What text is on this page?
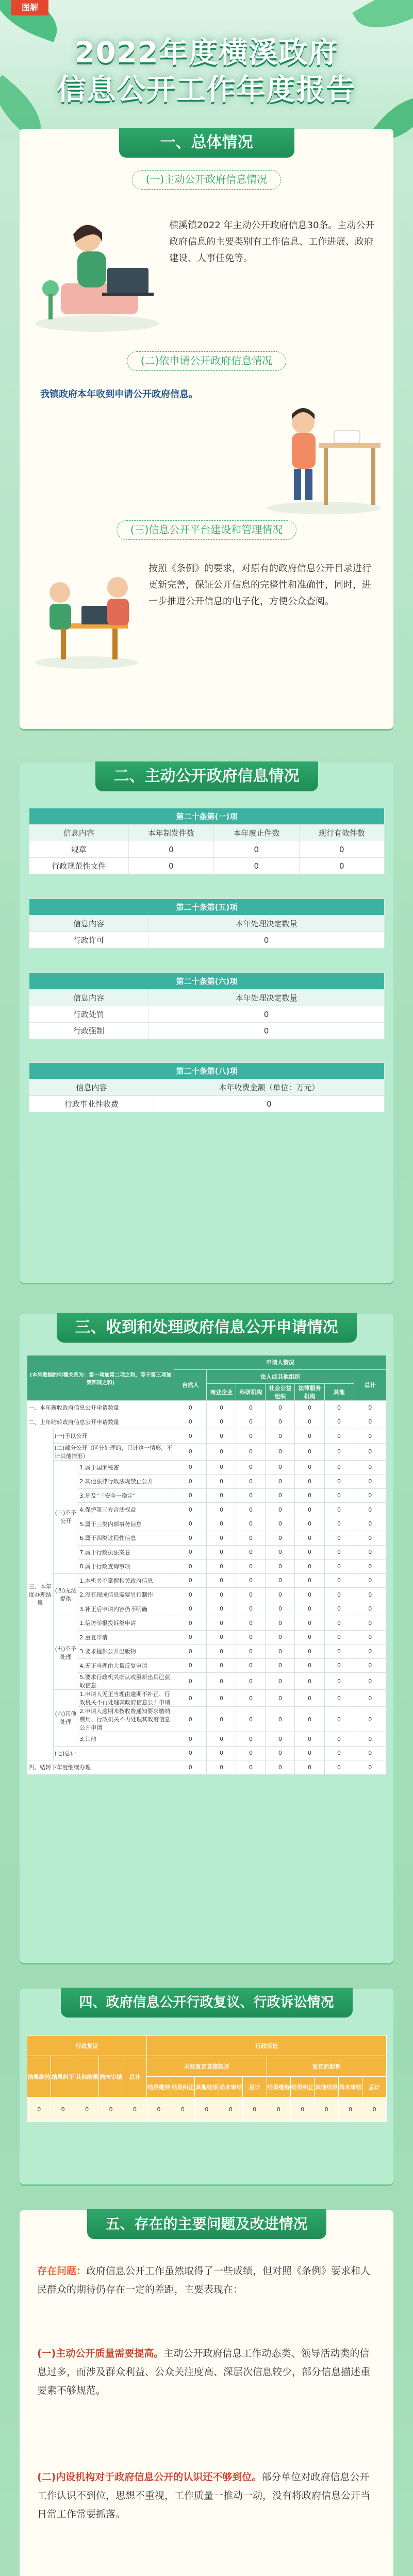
图解
2022年度横溪政府
信息公开工作年度报告
一、总体情况
(一)主动公开政府信息情况
横溪镇2022 年主动公开政府信息30条。主动公开政府信息的主要类别有工作信息、工作进展、政府建设、人事任免等。
(二)依申请公开政府信息情况
我镇政府本年收到申请公开政府信息。
(三)信息公开平台建设和管理情况
按照《条例》的要求，对原有的政府信息公开目录进行更新完善，保证公开信息的完整性和准确性，同时，进一步推进公开信息的电子化，方便公众查阅。
二、主动公开政府信息情况
第二十条第(一)项			
信息内容	本年制发件数	本年废止件数	现行有效件数
规章	0	0	0
行政规范性文件	0	0	0
第二十条第(五)项	
信息内容	本年处理决定数量
行政许可	0
第二十条第(六)项	
信息内容	本年处理决定数量
行政处罚	0
行政强制	0
第二十条第(八)项	
信息内容	本年收费金额（单位：万元）
行政事业性收费	0
三、收到和处理政府信息公开申请情况
(本列数据的勾稽关系为：第一项加第二项之和，等于第三项加第四项之和)			申请人情况						
			自然人	法人或其他组织					总计
				商业企业	科研机构	社会公益组织	法律服务机构	其他	
一、本年新收政府信息公开申请数量			0	0	0	0	0	0	0
二、上年结转政府信息公开申请数量			0	0	0	0	0	0	0
三、本年度办理结果	(一)予以公开		0	0	0	0	0	0	0
	(二)部分公开（区分处理的，只计这一情形，不计其他情形）		0	0	0	0	0	0	0
	(三)不予公开	1.属于国家秘密	0	0	0	0	0	0	0
		2.其他法律行政法规禁止公开	0	0	0	0	0	0	0
		3.危及"三安全一稳定"	0	0	0	0	0	0	0
		4.保护第三方合法权益	0	0	0	0	0	0	0
		5.属于三类内部事务信息	0	0	0	0	0	0	0
		6.属于四类过程性信息	0	0	0	0	0	0	0
		7.属于行政执法案卷	0	0	0	0	0	0	0
		8.属于行政查询事项	0	0	0	0	0	0	0
	(四)无法提供	1.本机关不掌握相关政府信息	0	0	0	0	0	0	0
		2.没有现成信息需要另行制作	0	0	0	0	0	0	0
		3.补正后申请内容仍不明确	0	0	0	0	0	0	0
	(五)不予处理	1.信访举报投诉类申请	0	0	0	0	0	0	0
		2.重复申请	0	0	0	0	0	0	0
		3.要求提供公开出版物	0	0	0	0	0	0	0
		4.无正当理由大量反复申请	0	0	0	0	0	0	0
		5.要求行政机关确认或重新出具已获取信息	0	0	0	0	0	0	0
	(六)其他处理	1.申请人无正当理由逾期不补正、行政机关不再处理其政府信息公开申请	0	0	0	0	0	0	0
		2.申请人逾期未按收费通知要求缴纳费用、行政机关不再处理其政府信息公开申请	0	0	0	0	0	0	0
		3.其他	0	0	0	0	0	0	0
	(七)总计		0	0	0	0	0	0	0
四、结转下年度继续办理			0	0	0	0	0	0	0
四、政府信息公开行政复议、行政诉讼情况
行政复议					行政诉讼									
结果维持	结果纠正	其他结果	尚未审结	总计	未经复议直接起诉					复议后起诉				
					结果维持	结果纠正	其他结果	尚未审结	总计	结果维持	结果纠正	其他结果	尚未审结	总计
0	0	0	0	0	0	0	0	0	0	0	0	0	0	0
五、存在的主要问题及改进情况
存在问题：政府信息公开工作虽然取得了一些成绩，但对照《条例》要求和人民群众的期待仍存在一定的差距，主要表现在：
(一)主动公开质量需要提高。主动公开政府信息工作动态类、领导活动类的信息过多，而涉及群众利益、公众关注度高、深层次信息较少，部分信息描述重要素不够规范。
(二)内设机构对于政府信息公开的认识还不够到位。部分单位对政府信息公开工作认识不到位，思想不重视，工作质量一推动一动，没有将政府信息公开当日常工作常要抓落。
